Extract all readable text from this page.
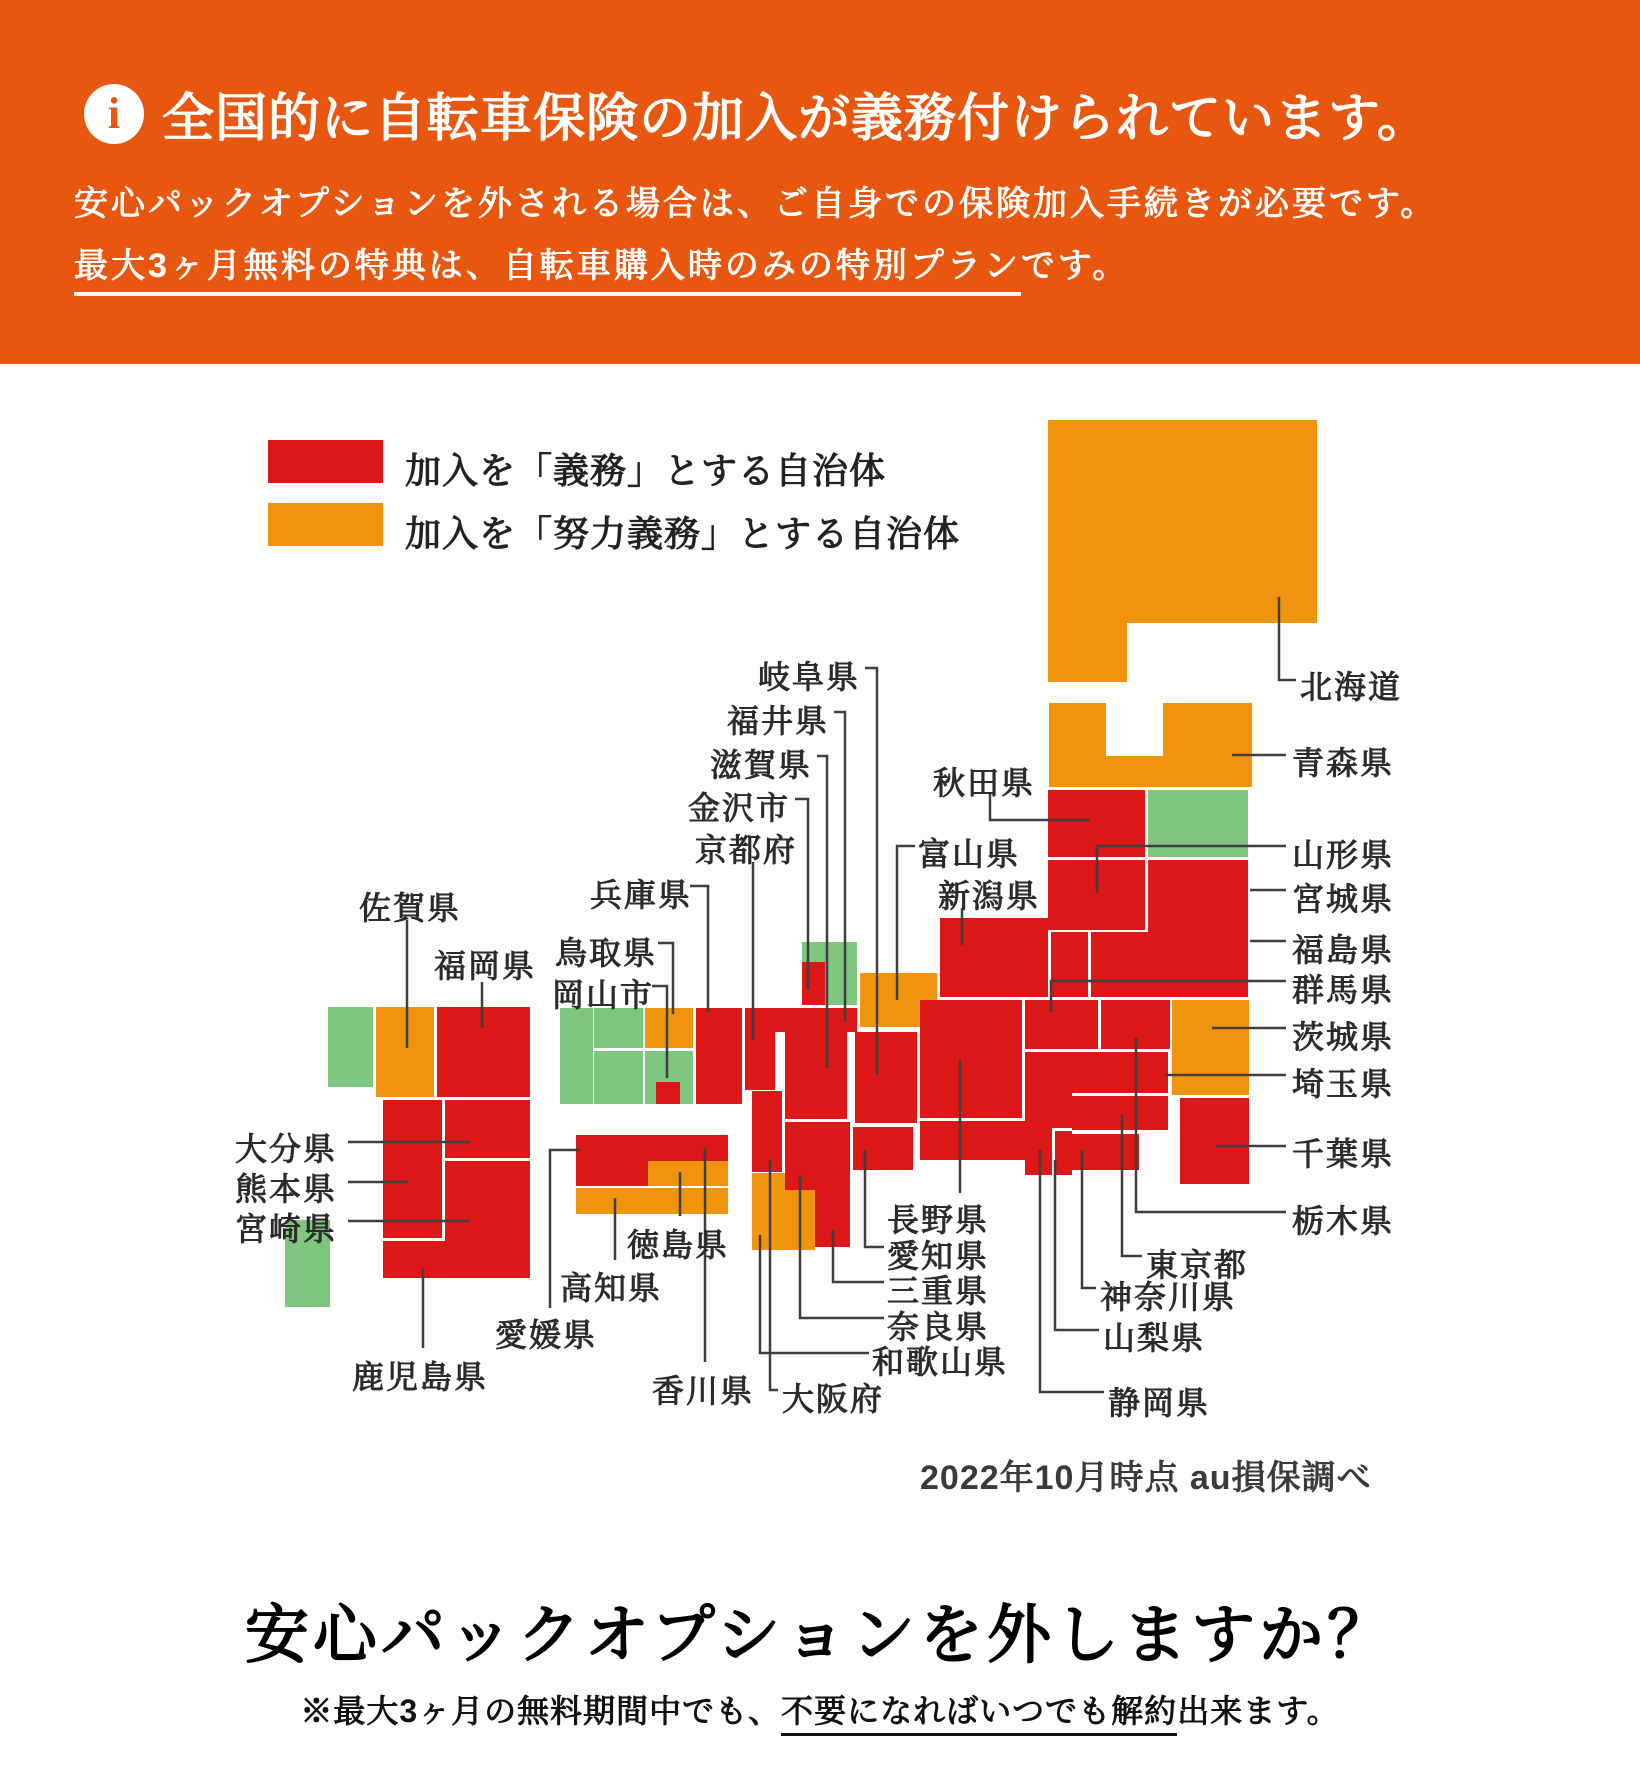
i 全国的に自転車保険の加入が義務付けられています。
安心パックオプションを外される場合は、ご自身での保険加入手続きが必要です。
最大3ヶ月無料の特典は、自転車購入時のみの特別プランです。
加入を「義務」とする自治体
加入を「努力義務」とする自治体
北海道
青森県
山形県
宮城県
福島県
群馬県
茨城県
埼玉県
千葉県
栃木県
岐阜県
福井県
滋賀県
金沢市
京都府
兵庫県
鳥取県
岡山市
秋田県
富山県
新潟県
佐賀県
福岡県
大分県
熊本県
宮崎県
鹿児島県
愛媛県
高知県
徳島県
香川県 大阪府
長野県
愛知県
三重県
奈良県
和歌山県
東京都
神奈川県
山梨県
静岡県
2022年10月時点 au損保調べ
安心パックオプションを外しますか？
※最大3ヶ月の無料期間中でも、不要になればいつでも解約出来ます。
